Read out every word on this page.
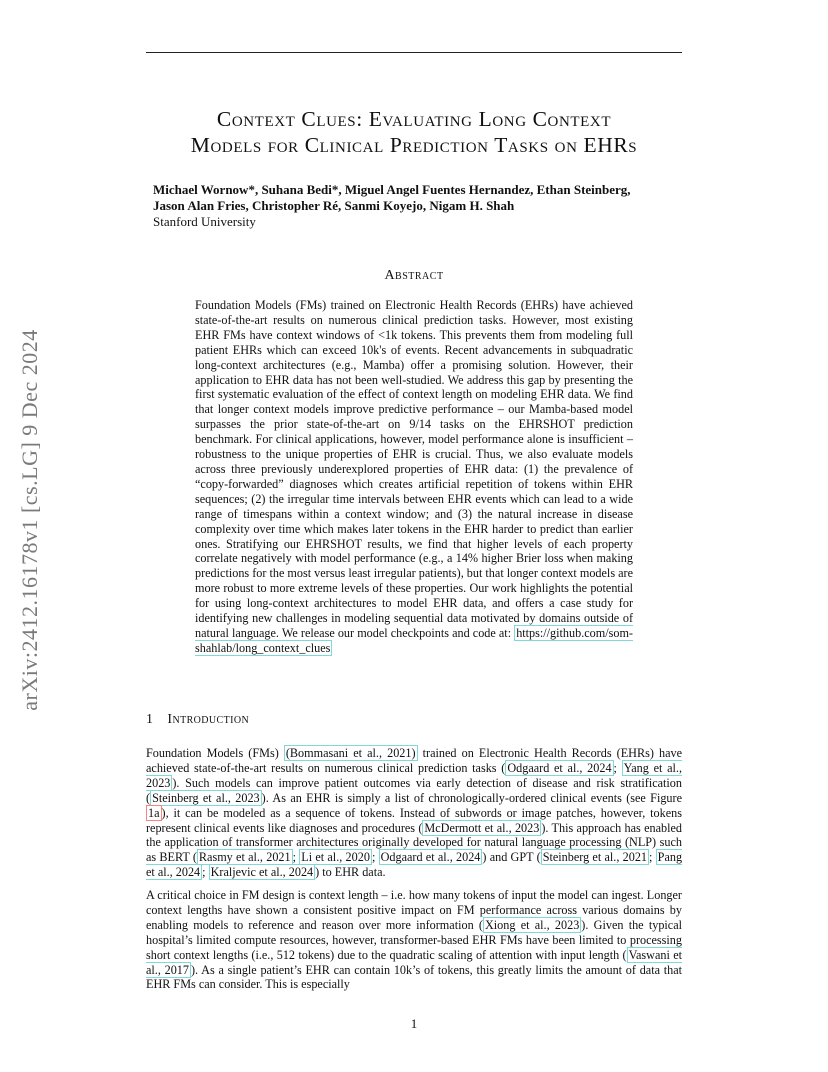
arXiv:2412.16178v1 [cs.LG] 9 Dec 2024
Context Clues: Evaluating Long Context
Models for Clinical Prediction Tasks on EHRs
Michael Wornow*, Suhana Bedi*, Miguel Angel Fuentes Hernandez, Ethan Steinberg,
Jason Alan Fries, Christopher Ré, Sanmi Koyejo, Nigam H. Shah
Stanford University
Abstract
Foundation Models (FMs) trained on Electronic Health Records (EHRs) have achieved state-of-the-art results on numerous clinical prediction tasks. However, most existing EHR FMs have context windows of <1k tokens. This prevents them from modeling full patient EHRs which can exceed 10k's of events. Recent advancements in subquadratic long-context architectures (e.g., Mamba) offer a promising solution. However, their application to EHR data has not been well-studied. We address this gap by presenting the first systematic evaluation of the effect of context length on modeling EHR data. We find that longer context models improve predictive performance – our Mamba-based model surpasses the prior state-of-the-art on 9/14 tasks on the EHRSHOT prediction benchmark. For clinical applications, however, model performance alone is insufficient – robustness to the unique properties of EHR is crucial. Thus, we also evaluate models across three previously underexplored properties of EHR data: (1) the prevalence of “copy-forwarded” diagnoses which creates artificial repetition of tokens within EHR sequences; (2) the irregular time intervals between EHR events which can lead to a wide range of timespans within a context window; and (3) the natural increase in disease complexity over time which makes later tokens in the EHR harder to predict than earlier ones. Stratifying our EHRSHOT results, we find that higher levels of each property correlate negatively with model performance (e.g., a 14% higher Brier loss when making predictions for the most versus least irregular patients), but that longer context models are more robust to more extreme levels of these properties. Our work highlights the potential for using long-context architectures to model EHR data, and offers a case study for identifying new challenges in modeling sequential data motivated by domains outside of natural language. We release our model checkpoints and code at: https://github.com/som-shahlab/long_context_clues
1 Introduction
Foundation Models (FMs) (Bommasani et al., 2021) trained on Electronic Health Records (EHRs) have achieved state-of-the-art results on numerous clinical prediction tasks ( Odgaard et al., 2024 ; Yang et al., 2023 ). Such models can improve patient outcomes via early detection of disease and risk stratification ( Steinberg et al., 2023 ). As an EHR is simply a list of chronologically-ordered clinical events (see Figure 1a ), it can be modeled as a sequence of tokens. Instead of subwords or image patches, however, tokens represent clinical events like diagnoses and procedures ( McDermott et al., 2023 ). This approach has enabled the application of transformer architectures originally developed for natural language processing (NLP) such as BERT ( Rasmy et al., 2021 ; Li et al., 2020 ; Odgaard et al., 2024 ) and GPT ( Steinberg et al., 2021 ; Pang et al., 2024 ; Kraljevic et al., 2024 ) to EHR data.
A critical choice in FM design is context length – i.e. how many tokens of input the model can ingest. Longer context lengths have shown a consistent positive impact on FM performance across various domains by enabling models to reference and reason over more information ( Xiong et al., 2023 ). Given the typical hospital’s limited compute resources, however, transformer-based EHR FMs have been limited to processing short context lengths (i.e., 512 tokens) due to the quadratic scaling of attention with input length ( Vaswani et al., 2017 ). As a single patient’s EHR can contain 10k’s of tokens, this greatly limits the amount of data that EHR FMs can consider. This is especially
1
